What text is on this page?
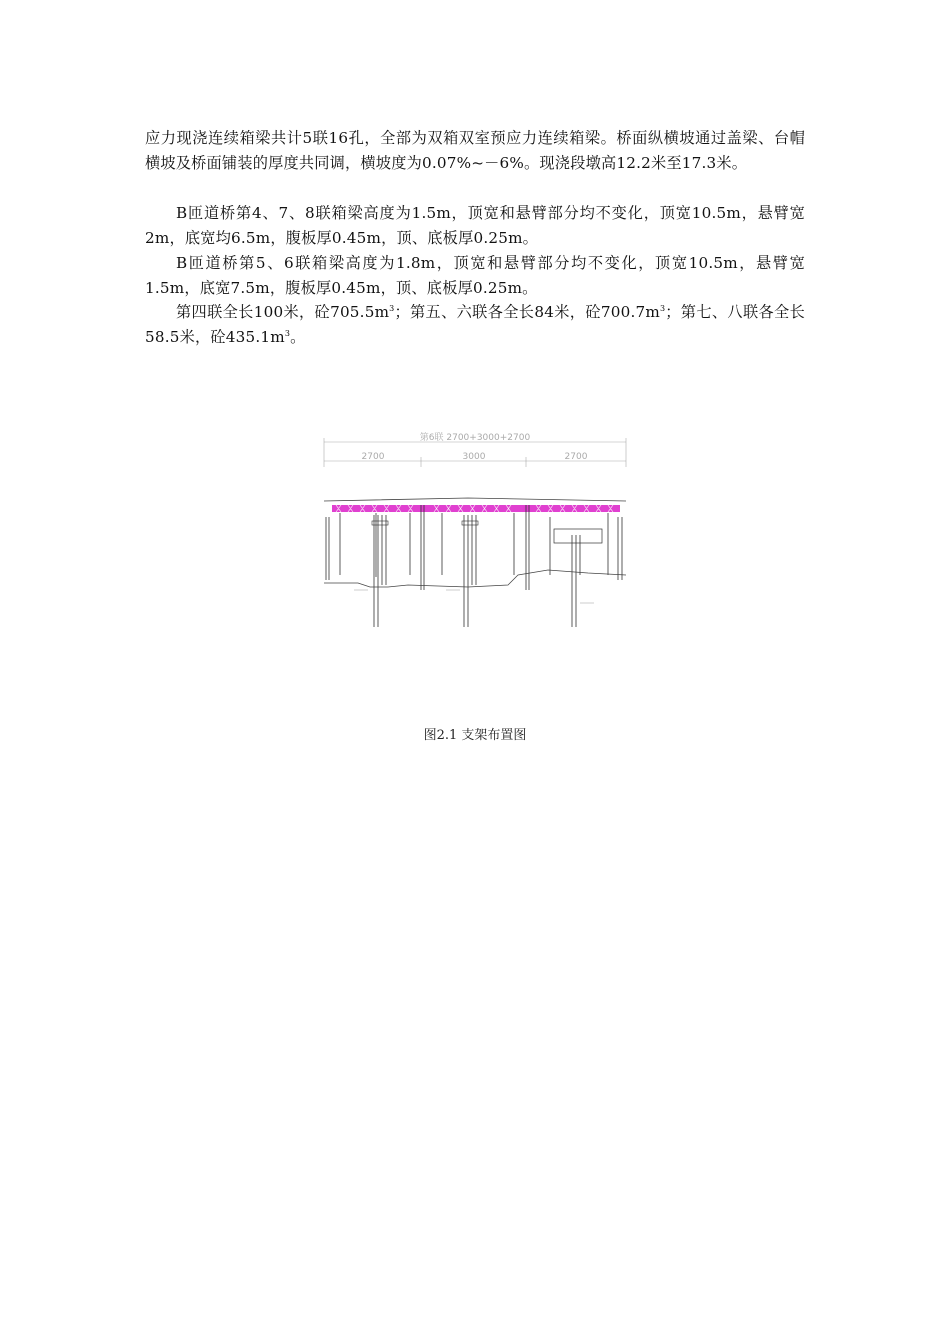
应力现浇连续箱梁共计5联16孔，全部为双箱双室预应力连续箱梁。桥面纵横坡通过盖梁、台帽横坡及桥面铺装的厚度共同调，横坡度为0.07%~－6%。现浇段墩高12.2米至17.3米。

B匝道桥第4、7、8联箱梁高度为1.5m，顶宽和悬臂部分均不变化，顶宽10.5m，悬臂宽2m，底宽均6.5m，腹板厚0.45m，顶、底板厚0.25m。

B匝道桥第5、6联箱梁高度为1.8m，顶宽和悬臂部分均不变化，顶宽10.5m，悬臂宽1.5m，底宽7.5m，腹板厚0.45m，顶、底板厚0.25m。

第四联全长100米，砼$705.5m^3$；第五、六联各全长84米，砼$700.7m^3$；第七、八联各全长58.5米，砼$435.1m^3$。

第6联 2700+3000+2700
2700	3000	2700
图2.1 支架布置图
